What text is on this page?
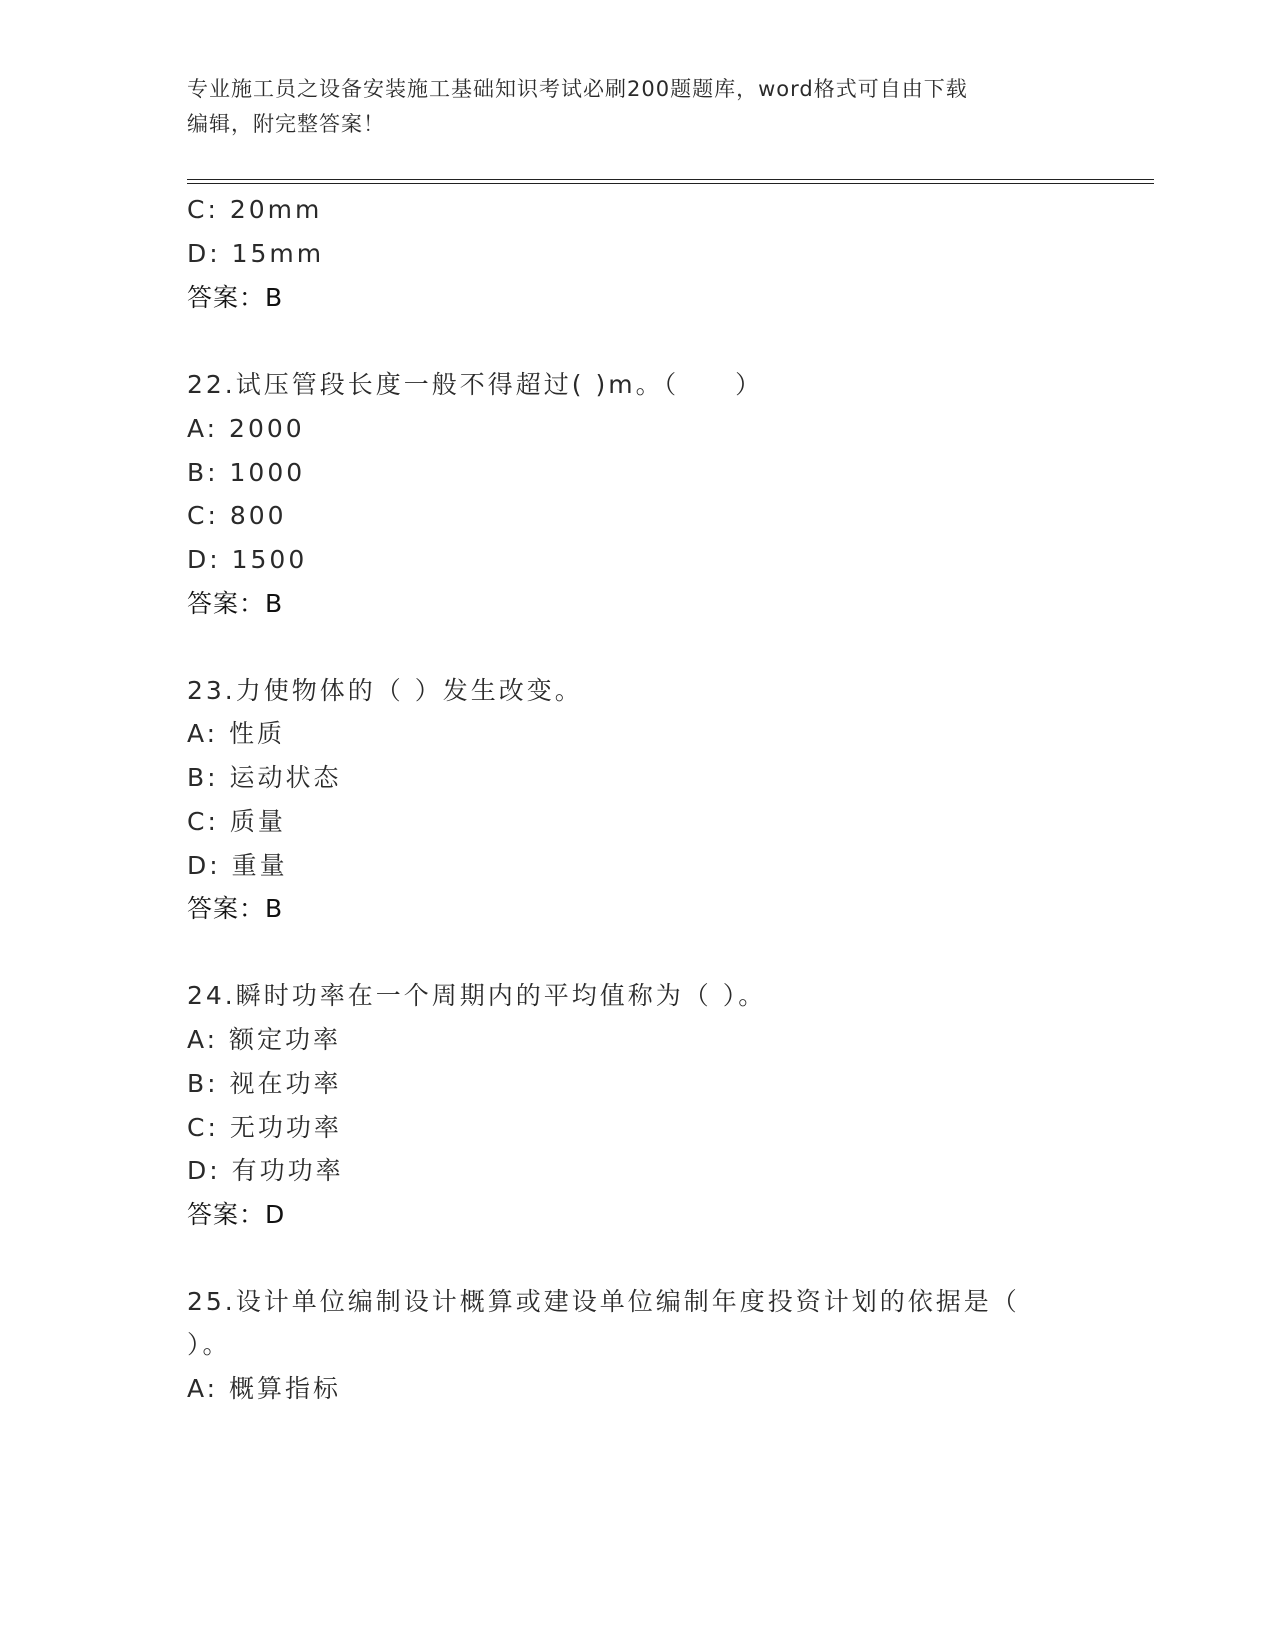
专业施工员之设备安装施工基础知识考试必刷200题题库，word格式可自由下载
编辑，附完整答案！
C: 20mm
D: 15mm
答案：B
22.试压管段长度一般不得超过( )m。（　　）
A: 2000
B: 1000
C: 800
D: 1500
答案：B
23.力使物体的（ ）发生改变。
A: 性质
B: 运动状态
C: 质量
D: 重量
答案：B
24.瞬时功率在一个周期内的平均值称为（ ）。
A: 额定功率
B: 视在功率
C: 无功功率
D: 有功功率
答案：D
25.设计单位编制设计概算或建设单位编制年度投资计划的依据是（
）。
A: 概算指标
